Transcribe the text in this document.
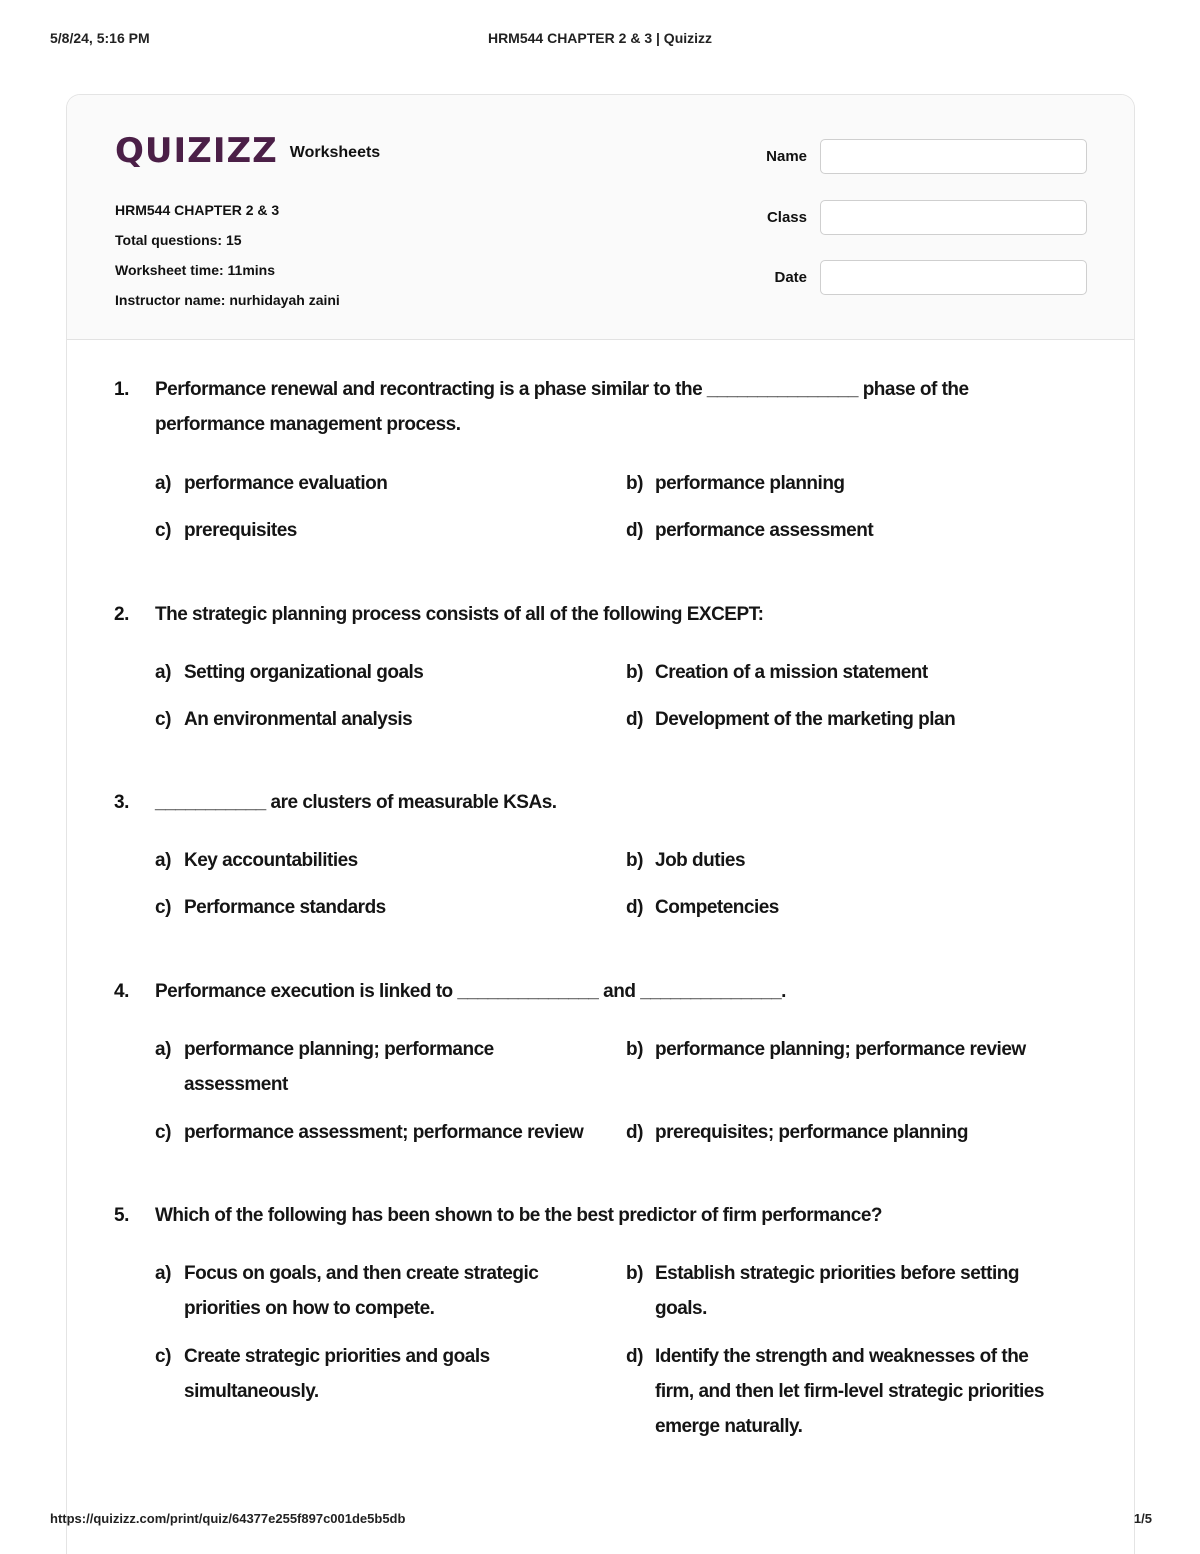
5/8/24, 5:16 PM	HRM544 CHAPTER 2 & 3 | Quizizz
QUIZIZZ Worksheets
HRM544 CHAPTER 2 & 3
Total questions: 15
Worksheet time: 11mins
Instructor name: nurhidayah zaini
Name
Class
Date
1. Performance renewal and recontracting is a phase similar to the _______________ phase of the performance management process.
a) performance evaluation	b) performance planning
c) prerequisites	d) performance assessment
2. The strategic planning process consists of all of the following EXCEPT:
a) Setting organizational goals	b) Creation of a mission statement
c) An environmental analysis	d) Development of the marketing plan
3. ___________ are clusters of measurable KSAs.
a) Key accountabilities	b) Job duties
c) Performance standards	d) Competencies
4. Performance execution is linked to ______________ and ______________.
a) performance planning; performance assessment
b) performance planning; performance review
c) performance assessment; performance review d) prerequisites; performance planning
5. Which of the following has been shown to be the best predictor of firm performance?
a) Focus on goals, and then create strategic priorities on how to compete.
b) Establish strategic priorities before setting goals.
c) Create strategic priorities and goals simultaneously.
d) Identify the strength and weaknesses of the firm, and then let firm-level strategic priorities emerge naturally.
https://quizizz.com/print/quiz/64377e255f897c001de5b5db	1/5
